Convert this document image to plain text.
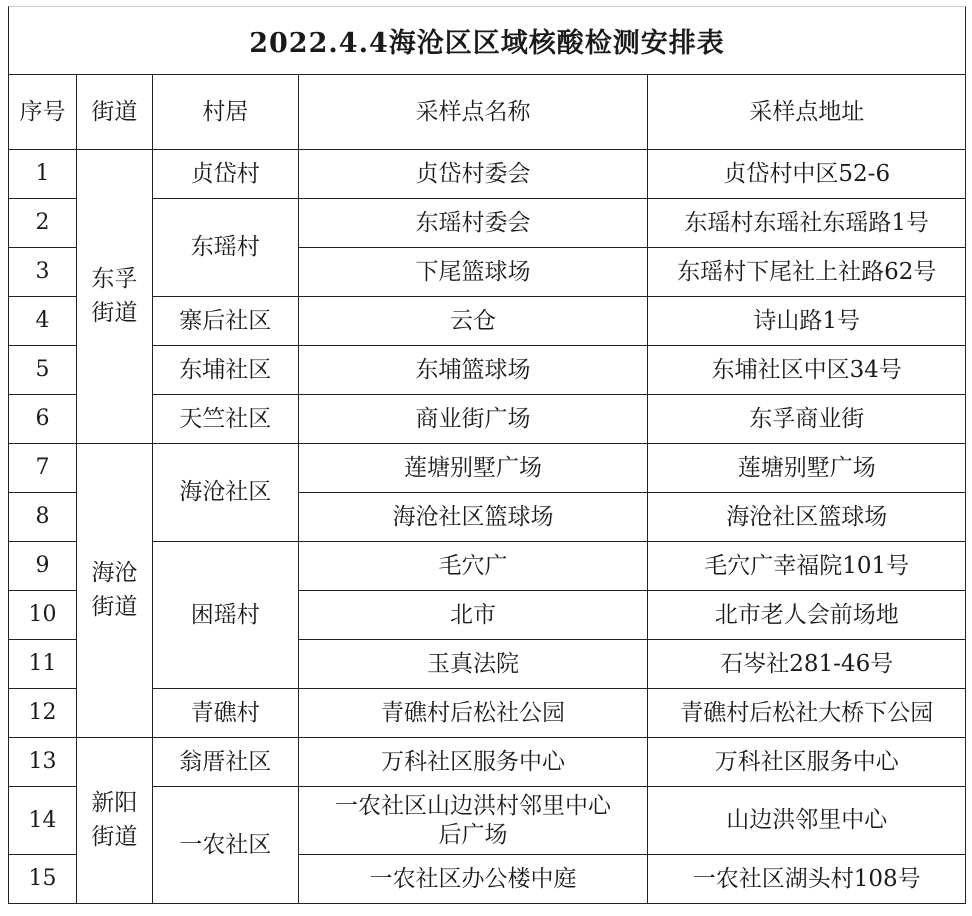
2022.4.4海沧区区域核酸检测安排表
序号	街道	村居	采样点名称	采样点地址
1	东孚街道	贞岱村	贞岱村委会	贞岱村中区52-6
2		东瑶村	东瑶村委会	东瑶村东瑶社东瑶路1号
3			下尾篮球场	东瑶村下尾社上社路62号
4		寨后社区	云仓	诗山路1号
5		东埔社区	东埔篮球场	东埔社区中区34号
6		天竺社区	商业街广场	东孚商业街
7	海沧街道	海沧社区	莲塘别墅广场	莲塘别墅广场
8			海沧社区篮球场	海沧社区篮球场
9		困瑶村	毛穴广	毛穴广幸福院101号
10			北市	北市老人会前场地
11			玉真法院	石岑社281-46号
12		青礁村	青礁村后松社公园	青礁村后松社大桥下公园
13	新阳街道	翁厝社区	万科社区服务中心	万科社区服务中心
14		一农社区	一农社区山边洪村邻里中心后广场	山边洪邻里中心
15			一农社区办公楼中庭	一农社区湖头村108号
